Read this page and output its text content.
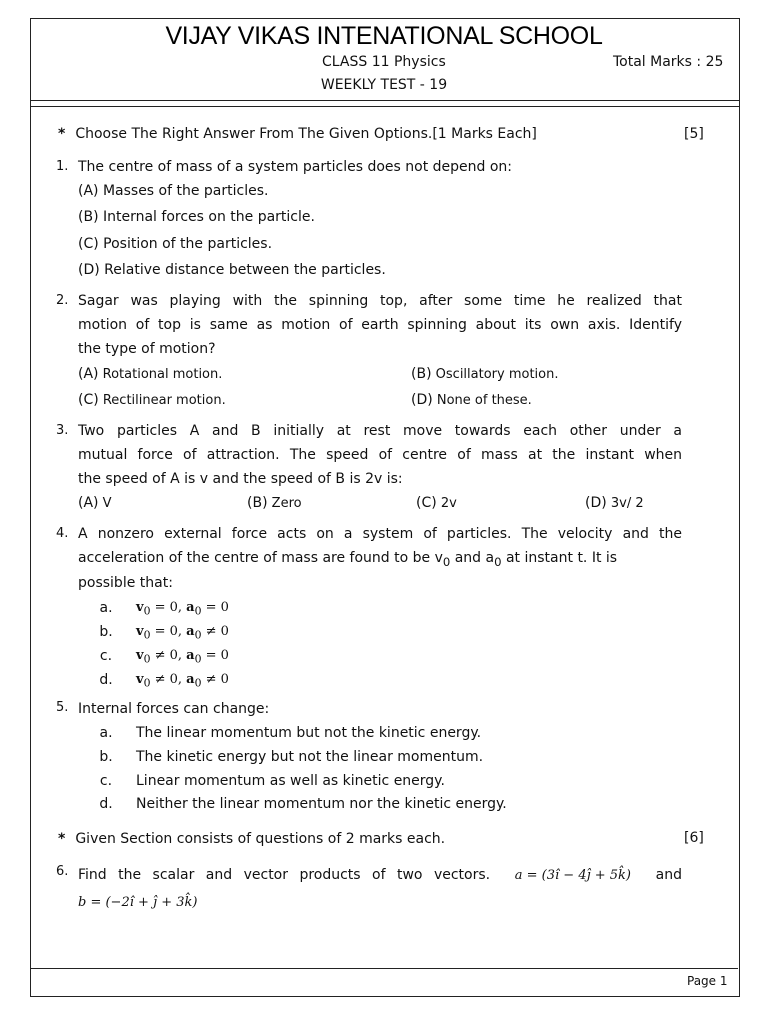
VIJAY VIKAS INTENATIONAL SCHOOL
CLASS 11 Physics	Total Marks : 25
WEEKLY TEST - 19
* Choose The Right Answer From The Given Options.[1 Marks Each]	[5]
1. The centre of mass of a system particles does not depend on:
(A) Masses of the particles.
(B) Internal forces on the particle.
(C) Position of the particles.
(D) Relative distance between the particles.
2. Sagar was playing with the spinning top, after some time he realized that
motion of top is same as motion of earth spinning about its own axis. Identify
the type of motion?
(A) Rotational motion.	(B) Oscillatory motion.
(C) Rectilinear motion.	(D) None of these.
3. Two particles A and B initially at rest move towards each other under a
mutual force of attraction. The speed of centre of mass at the instant when
the speed of A is v and the speed of B is 2v is:
(A) V	(B) Zero	(C) 2v	(D) 3v/ 2
4. A nonzero external force acts on a system of particles. The velocity and the
acceleration of the centre of mass are found to be $v_0$ and $a_0$ at instant t. It is
possible that:
a. $v_0 = 0$, $a_0 = 0$
b. $v_0 = 0$, $a_0 \ne 0$
c. $v_0 \ne 0$, $a_0 = 0$
d. $v_0 \ne 0$, $a_0 \ne 0$
5. Internal forces can change:
a. The linear momentum but not the kinetic energy.
b. The kinetic energy but not the linear momentum.
c. Linear momentum as well as kinetic energy.
d. Neither the linear momentum nor the kinetic energy.
* Given Section consists of questions of 2 marks each.	[6]
6. Find the scalar and vector products of two vectors. a = (3î − 4ĵ + 5k̂) and
b = (−2î + ĵ + 3k̂)
Page 1
